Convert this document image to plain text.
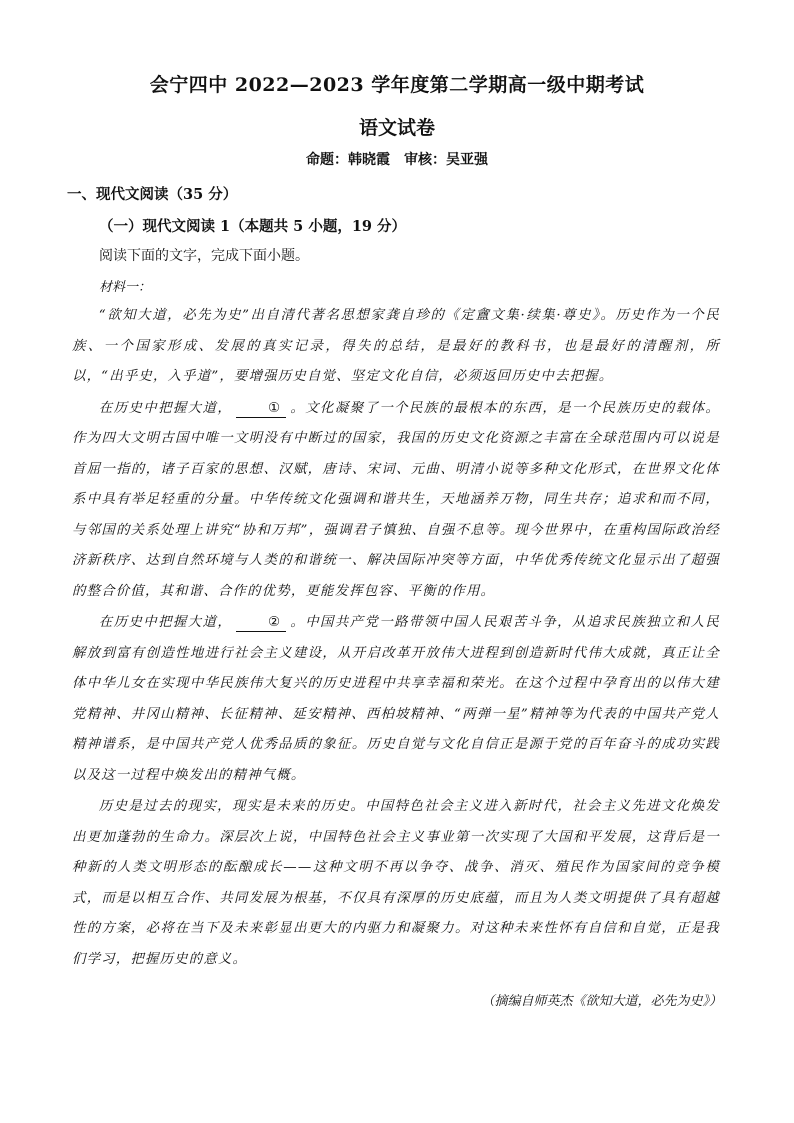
会宁四中 2022—2023 学年度第二学期高一级中期考试
语文试卷
命题：韩晓霞　审核：吴亚强
一、现代文阅读（35 分）
（一）现代文阅读 1（本题共 5 小题，19 分）
阅读下面的文字，完成下面小题。
材料一：

“欲知大道，必先为史”出自清代著名思想家龚自珍的《定盦文集·续集·尊史》。历史作为一个民族、一个国家形成、发展的真实记录，得失的总结，是最好的教科书，也是最好的清醒剂，所以，“出乎史，入乎道”，要增强历史自觉、坚定文化自信，必须返回历史中去把握。

在历史中把握大道，	① 。文化凝聚了一个民族的最根本的东西，是一个民族历史的载体。作为四大文明古国中唯一文明没有中断过的国家，我国的历史文化资源之丰富在全球范围内可以说是首屈一指的，诸子百家的思想、汉赋，唐诗、宋词、元曲、明清小说等多种文化形式，在世界文化体系中具有举足轻重的分量。中华传统文化强调和谐共生，天地涵养万物，同生共存；追求和而不同，与邻国的关系处理上讲究“协和万邦”，强调君子慎独、自强不息等。现今世界中，在重构国际政治经济新秩序、达到自然环境与人类的和谐统一、解决国际冲突等方面，中华优秀传统文化显示出了超强的整合价值，其和谐、合作的优势，更能发挥包容、平衡的作用。

在历史中把握大道，	② 。中国共产党一路带领中国人民艰苦斗争，从追求民族独立和人民解放到富有创造性地进行社会主义建设，从开启改革开放伟大进程到创造新时代伟大成就，真正让全体中华儿女在实现中华民族伟大复兴的历史进程中共享幸福和荣光。在这个过程中孕育出的以伟大建党精神、井冈山精神、长征精神、延安精神、西柏坡精神、“两弹一星”精神等为代表的中国共产党人精神谱系，是中国共产党人优秀品质的象征。历史自觉与文化自信正是源于党的百年奋斗的成功实践以及这一过程中焕发出的精神气概。

历史是过去的现实，现实是未来的历史。中国特色社会主义进入新时代，社会主义先进文化焕发出更加蓬勃的生命力。深层次上说，中国特色社会主义事业第一次实现了大国和平发展，这背后是一种新的人类文明形态的酝酿成长——这种文明不再以争夺、战争、消灭、殖民作为国家间的竞争模式，而是以相互合作、共同发展为根基，不仅具有深厚的历史底蕴，而且为人类文明提供了具有超越性的方案，必将在当下及未来彰显出更大的内驱力和凝聚力。对这种未来性怀有自信和自觉，正是我们学习，把握历史的意义。

（摘编自师英杰《欲知大道，必先为史》）
